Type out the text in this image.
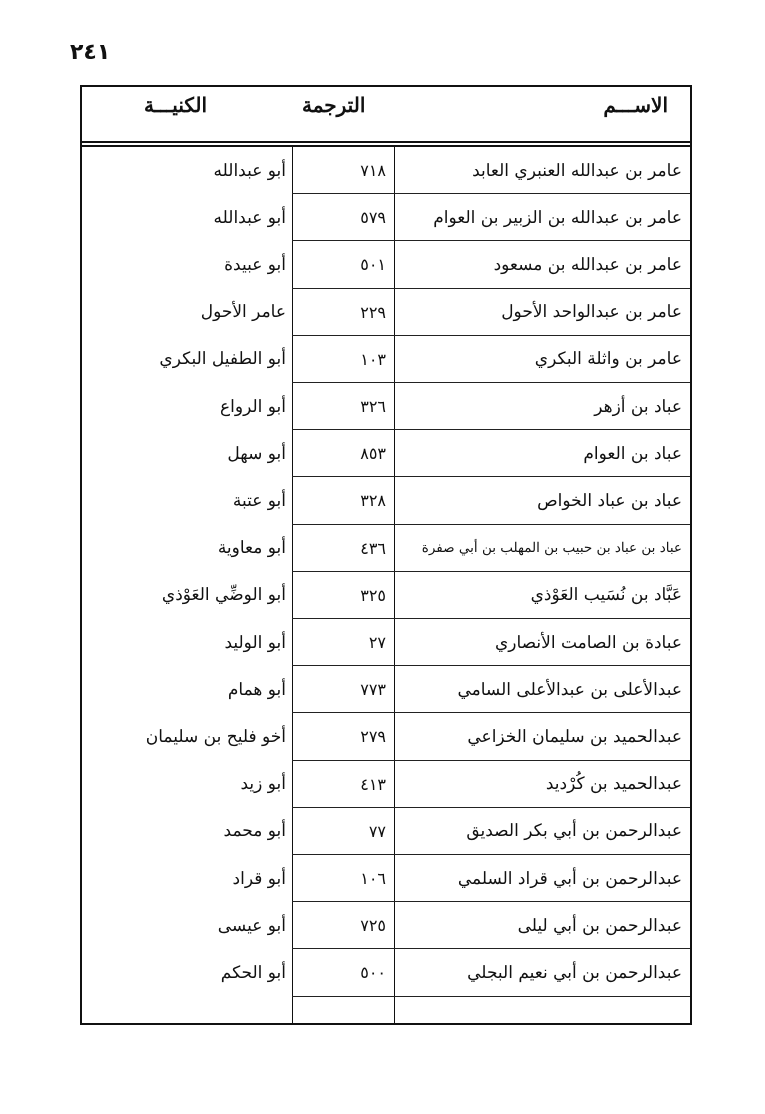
٢٤١
الاســـم
الترجمة
الكنيـــة
عامر بن عبدالله العنبري العابد
٧١٨
أبو عبدالله
عامر بن عبدالله بن الزبير بن العوام
٥٧٩
أبو عبدالله
عامر بن عبدالله بن مسعود
٥٠١
أبو عبيدة
عامر بن عبدالواحد الأحول
٢٢٩
عامر الأحول
عامر بن واثلة البكري
١٠٣
أبو الطفيل البكري
عباد بن أزهر
٣٢٦
أبو الرواع
عباد بن العوام
٨٥٣
أبو سهل
عباد بن عباد الخواص
٣٢٨
أبو عتبة
عباد بن عباد بن حبيب بن المهلب بن أبي صفرة
٤٣٦
أبو معاوية
عَبَّاد بن نُسَيب العَوْذي
٣٢٥
أبو الوضِّي العَوْذي
عبادة بن الصامت الأنصاري
٢٧
أبو الوليد
عبدالأعلى بن عبدالأعلى السامي
٧٧٣
أبو همام
عبدالحميد بن سليمان الخزاعي
٢٧٩
أخو فليح بن سليمان
عبدالحميد بن كُرْديد
٤١٣
أبو زيد
عبدالرحمن بن أبي بكر الصديق
٧٧
أبو محمد
عبدالرحمن بن أبي قراد السلمي
١٠٦
أبو قراد
عبدالرحمن بن أبي ليلى
٧٢٥
أبو عيسى
عبدالرحمن بن أبي نعيم البجلي
٥٠٠
أبو الحكم
